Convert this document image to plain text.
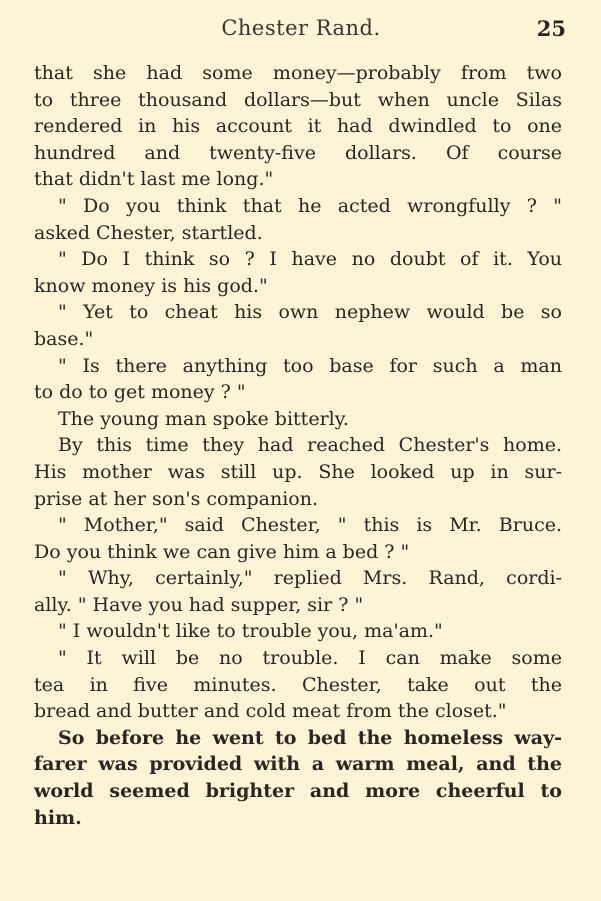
Chester Rand.	25
that she had some money—probably from two
to three thousand dollars—but when uncle Silas
rendered in his account it had dwindled to one
hundred and twenty-five dollars. Of course
that didn't last me long."
" Do you think that he acted wrongfully ? "
asked Chester, startled.
" Do I think so ? I have no doubt of it. You
know money is his god."
" Yet to cheat his own nephew would be so
base."
" Is there anything too base for such a man
to do to get money ? "
The young man spoke bitterly.
By this time they had reached Chester's home.
His mother was still up. She looked up in sur-
prise at her son's companion.
" Mother," said Chester, " this is Mr. Bruce.
Do you think we can give him a bed ? "
" Why, certainly," replied Mrs. Rand, cordi-
ally. " Have you had supper, sir ? "
" I wouldn't like to trouble you, ma'am."
" It will be no trouble. I can make some
tea in five minutes. Chester, take out the
bread and butter and cold meat from the closet."
So before he went to bed the homeless way-
farer was provided with a warm meal, and the
world seemed brighter and more cheerful to
him.
